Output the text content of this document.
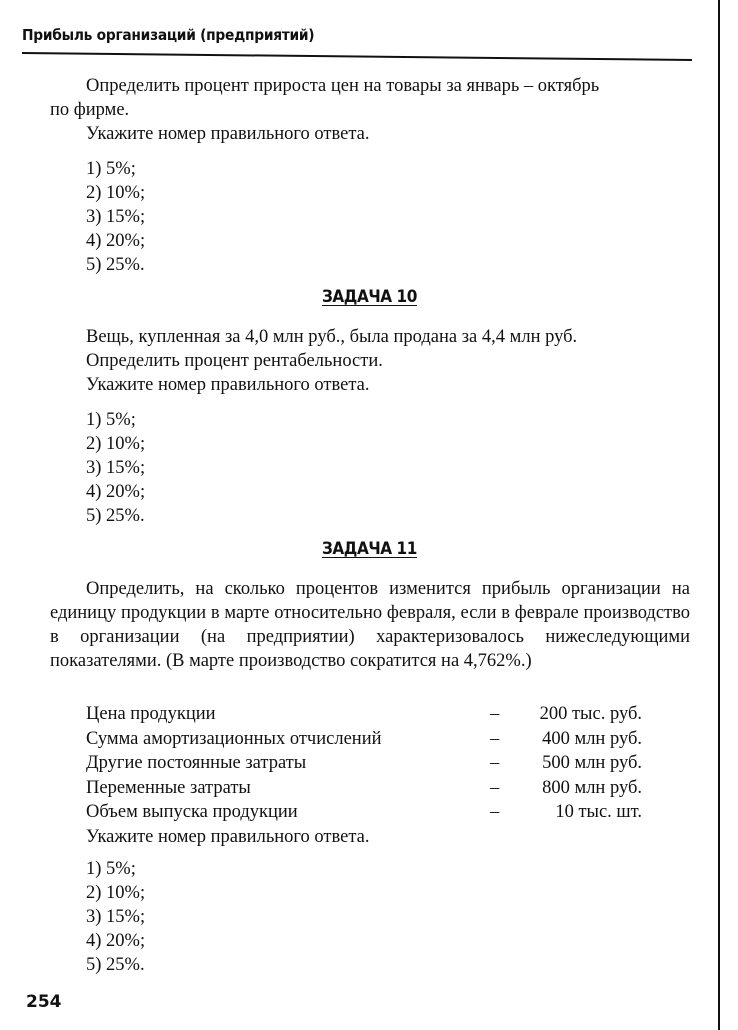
Прибыль организаций (предприятий)
Определить процент прироста цен на товары за январь – октябрь
по фирме.
Укажите номер правильного ответа.
1) 5%;
2) 10%;
3) 15%;
4) 20%;
5) 25%.
ЗАДАЧА 10
Вещь, купленная за 4,0 млн руб., была продана за 4,4 млн руб.
Определить процент рентабельности.
Укажите номер правильного ответа.
1) 5%;
2) 10%;
3) 15%;
4) 20%;
5) 25%.
ЗАДАЧА 11
Определить, на сколько процентов изменится прибыль организации на единицу продукции в марте относительно февраля, если в феврале производство в организации (на предприятии) характеризовалось нижеследующими показателями. (В марте производство сократится на 4,762%.)
Цена продукции	– 200 тыс. руб.
Сумма амортизационных отчислений	– 400 млн руб.
Другие постоянные затраты	– 500 млн руб.
Переменные затраты	– 800 млн руб.
Объем выпуска продукции	–	10 тыс. шт.
Укажите номер правильного ответа.
1) 5%;
2) 10%;
3) 15%;
4) 20%;
5) 25%.
254
